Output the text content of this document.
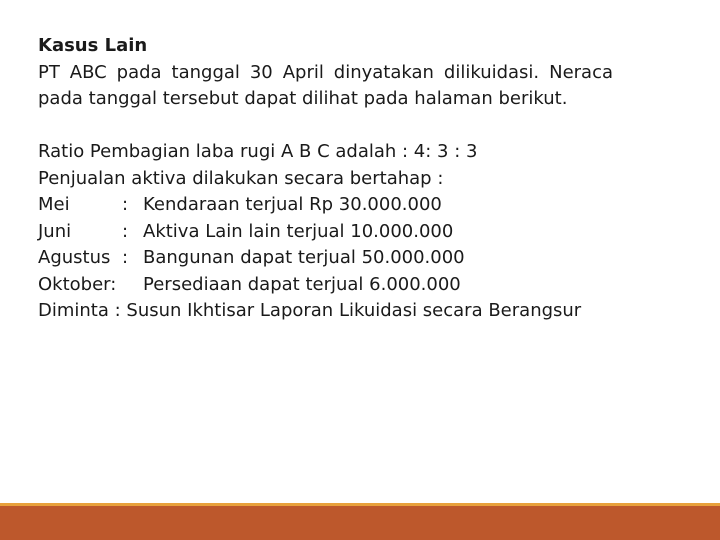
Kasus Lain

PT ABC pada tanggal 30 April dinyatakan dilikuidasi. Neraca pada tanggal tersebut dapat dilihat pada halaman berikut.

Ratio Pembagian laba rugi A B C adalah : 4: 3 : 3
Penjualan aktiva dilakukan secara bertahap :
Mei	: Kendaraan terjual Rp 30.000.000
Juni	: Aktiva Lain lain terjual 10.000.000
Agustus : Bangunan dapat terjual 50.000.000
Oktober:	Persediaan dapat terjual 6.000.000
Diminta : Susun Ikhtisar Laporan Likuidasi secara Berangsur
